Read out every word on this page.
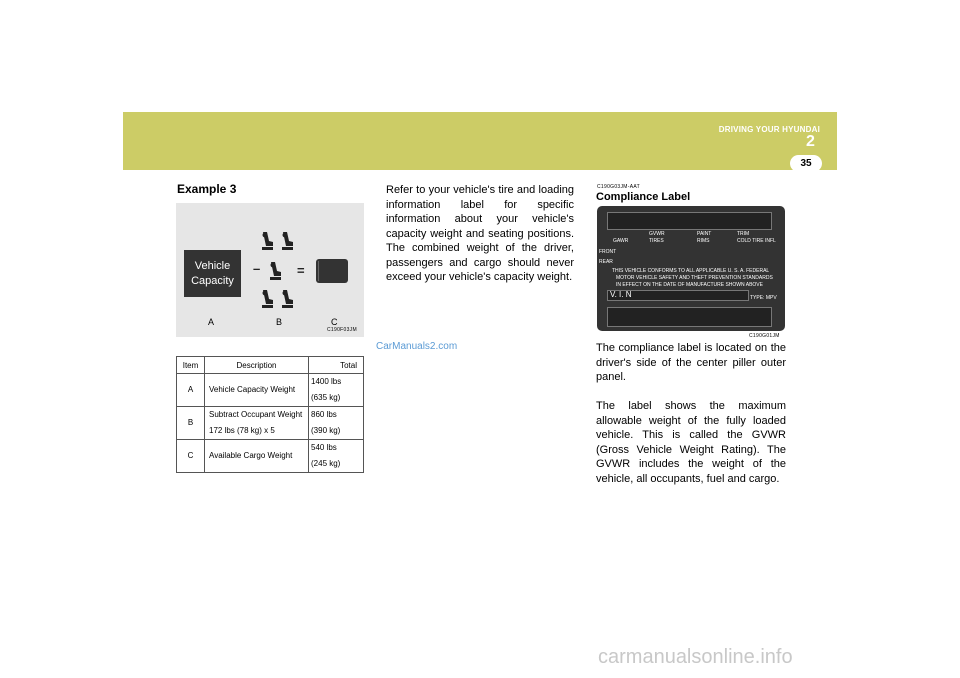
DRIVING YOUR HYUNDAI
2
35
Example 3
Vehicle Capacity
–	=
A	B	C
C190F03JM
Item	Description	Total
A	Vehicle Capacity Weight	1400 lbs
(635 kg)
B	Subtract Occupant Weight
172 lbs (78 kg) x 5	860 lbs
(390 kg)
C	Available Cargo Weight	540 lbs
(245 kg)
Refer to your vehicle's tire and loading information label for specific information about your vehicle's capacity weight and seating positions. The combined weight of the driver, passengers and cargo should never exceed your vehicle's capacity weight.
CarManuals2.com
C190G03JM-AAT
Compliance Label
GVWR	PAINT	TRIM
GAWR	TIRES	RIMS	COLD TIRE INFL
FRONT
REAR
THIS VEHICLE CONFORMS TO ALL APPLICABLE U. S. A. FEDERAL
MOTOR VEHICLE SAFETY AND THEFT PREVENTION STANDARDS
IN EFFECT ON THE DATE OF MANUFACTURE SHOWN ABOVE
V. I. N	TYPE: MPV
C190G01JM

The compliance label is located on the driver's side of the center piller outer panel.

The label shows the maximum allowable weight of the fully loaded vehicle. This is called the GVWR (Gross Vehicle Weight Rating). The GVWR includes the weight of the vehicle, all occupants, fuel and cargo.

carmanualsonline.info
